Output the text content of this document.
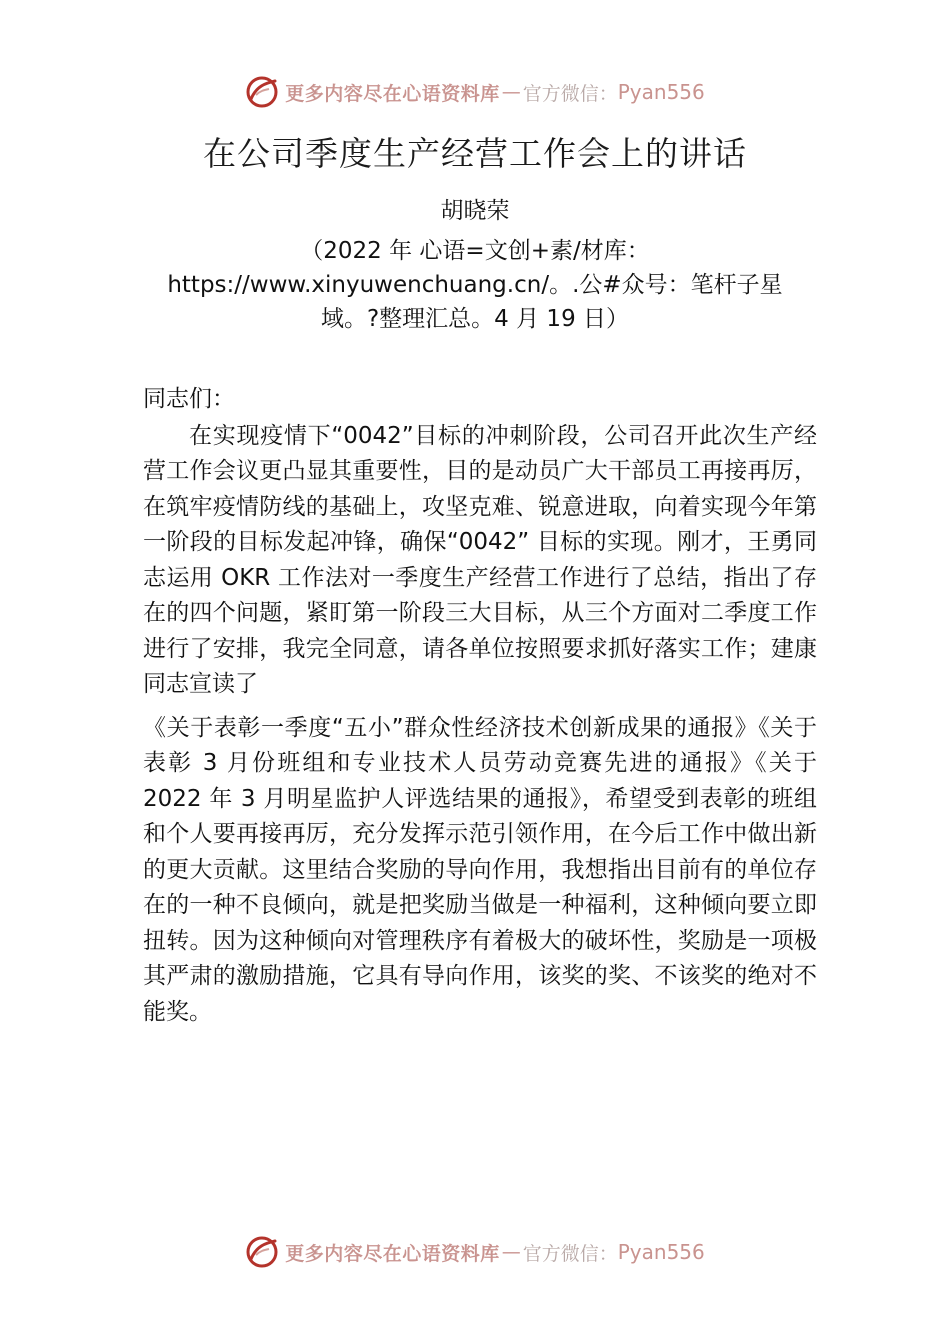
更多内容尽在心语资料库 — 官方微信： Pyan556
在公司季度生产经营工作会上的讲话
胡晓荣
（2022 年 心语=文创+素/材库：https://www.xinyuwenchuang.cn/。.公#众号：笔杆子星域。?整理汇总。4 月 19 日）

同志们：

在实现疫情下“0042”目标的冲刺阶段，公司召开此次生产经营工作会议更凸显其重要性，目的是动员广大干部员工再接再厉，在筑牢疫情防线的基础上，攻坚克难、锐意进取，向着实现今年第一阶段的目标发起冲锋，确保“0042” 目标的实现。刚才，王勇同志运用 OKR 工作法对一季度生产经营工作进行了总结，指出了存在的四个问题，紧盯第一阶段三大目标，从三个方面对二季度工作进行了安排，我完全同意，请各单位按照要求抓好落实工作；建康同志宣读了

《关于表彰一季度“五小”群众性经济技术创新成果的通报》《关于表彰 3 月份班组和专业技术人员劳动竞赛先进的通报》《关于 2022 年 3 月明星监护人评选结果的通报》，希望受到表彰的班组和个人要再接再厉，充分发挥示范引领作用，在今后工作中做出新的更大贡献。这里结合奖励的导向作用，我想指出目前有的单位存在的一种不良倾向，就是把奖励当做是一种福利，这种倾向要立即扭转。因为这种倾向对管理秩序有着极大的破坏性，奖励是一项极其严肃的激励措施，它具有导向作用，该奖的奖、不该奖的绝对不能奖。

更多内容尽在心语资料库 — 官方微信： Pyan556
